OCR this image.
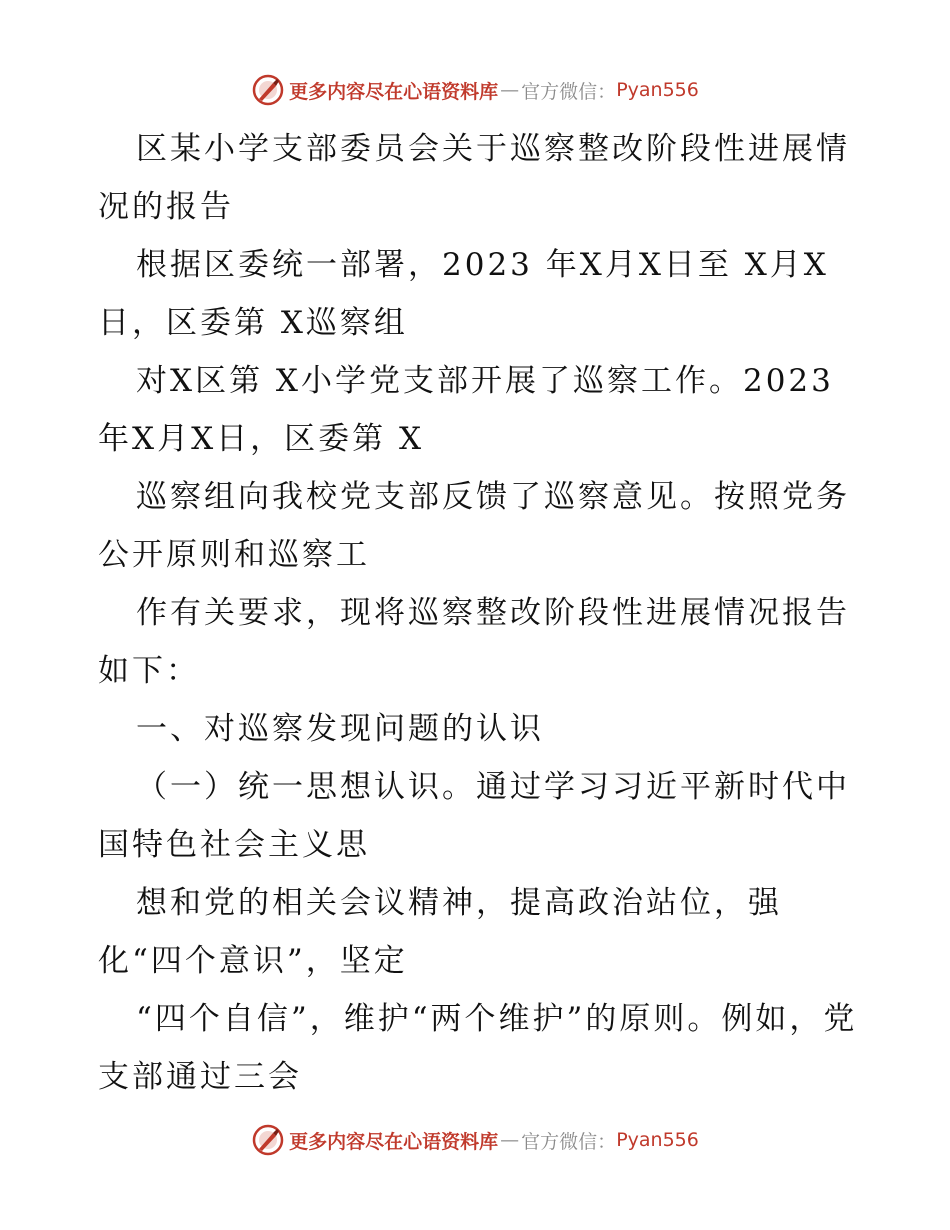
更多内容尽在心语资料库 — 官方微信： Pyan556

区某小学支部委员会关于巡察整改阶段性进展情况的报告

根据区委统一部署，2023 年X月X日至 X月X日，区委第 X巡察组

对X区第 X小学党支部开展了巡察工作。2023 年X月X日，区委第 X

巡察组向我校党支部反馈了巡察意见。按照党务公开原则和巡察工

作有关要求，现将巡察整改阶段性进展情况报告如下：

一、对巡察发现问题的认识

（一）统一思想认识。通过学习习近平新时代中国特色社会主义思

想和党的相关会议精神，提高政治站位，强化“四个意识”，坚定

“四个自信”，维护“两个维护”的原则。例如，党支部通过三会

更多内容尽在心语资料库 — 官方微信： Pyan556
